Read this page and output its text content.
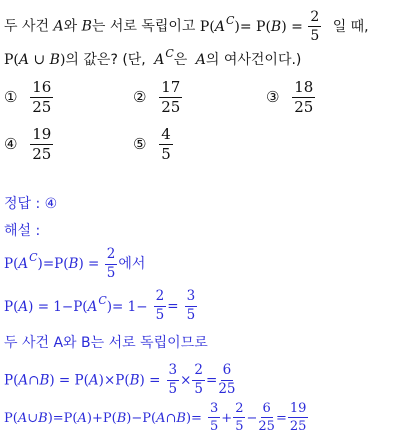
두 사건 A와 B는 서로 독립이고 $P(A^C)= P(B) = \frac{2}{5}$ 일 때,
P(A ∪ B)의 값은? (단, $A^C$은 A의 여사건이다.)
① $\frac{16}{25}$	② $\frac{17}{25}$	③ $\frac{18}{25}$
④ $\frac{19}{25}$	⑤ $\frac{4}{5}$
정답 : ④
해설 :
$P(A^C)=P(B) = \frac{2}{5}$ 에서
$P(A) = 1-P(A^C)= 1- \frac{2}{5} = \frac{3}{5}$
두 사건 A와 B는 서로 독립이므로
P(A∩B) = $P(A)\times P(B) = \frac{3}{5} \times \frac{2}{5} = \frac{6}{25}$
P(A∪B)=P(A)+P(B)−P(A∩B)= $\frac{3}{5} + \frac{2}{5} - \frac{6}{25} = \frac{19}{25}$
